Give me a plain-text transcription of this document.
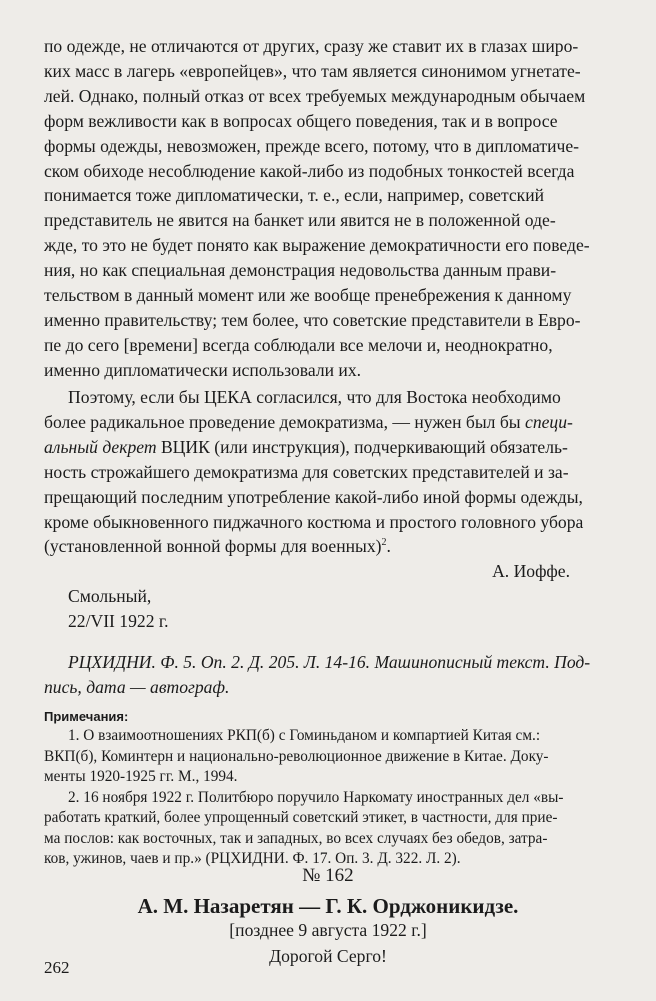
по одежде, не отличаются от других, сразу же ставит их в глазах широ-
ких масс в лагерь «европейцев», что там является синонимом угнетате-
лей. Однако, полный отказ от всех требуемых международным обычаем
форм вежливости как в вопросах общего поведения, так и в вопросе
формы одежды, невозможен, прежде всего, потому, что в дипломатиче-
ском обиходе несоблюдение какой-либо из подобных тонкостей всегда
понимается тоже дипломатически, т. е., если, например, советский
представитель не явится на банкет или явится не в положенной оде-
жде, то это не будет понято как выражение демократичности его поведе-
ния, но как специальная демонстрация недовольства данным прави-
тельством в данный момент или же вообще пренебрежения к данному
именно правительству; тем более, что советские представители в Евро-
пе до сего [времени] всегда соблюдали все мелочи и, неоднократно,
именно дипломатически использовали их.
Поэтому, если бы ЦЕКА согласился, что для Востока необходимо
более радикальное проведение демократизма, — нужен был бы специ-
альный декрет ВЦИК (или инструкция), подчеркивающий обязатель-
ность строжайшего демократизма для советских представителей и за-
прещающий последним употребление какой-либо иной формы одежды,
кроме обыкновенного пиджачного костюма и простого головного убора
(установленной вонной формы для военных)$^2$.
А. Иоффе.
Смольный,
22/VII 1922 г.
РЦХИДНИ. Ф. 5. Оп. 2. Д. 205. Л. 14-16. Машинописный текст. Под-
пись, дата — автограф.
Примечания:
1. О взаимоотношениях РКП(б) с Гоминьданом и компартией Китая см.:
ВКП(б), Коминтерн и национально-революционное движение в Китае. Доку-
менты 1920-1925 гг. М., 1994.
2. 16 ноября 1922 г. Политбюро поручило Наркомату иностранных дел «вы-
работать краткий, более упрощенный советский этикет, в частности, для прие-
ма послов: как восточных, так и западных, во всех случаях без обедов, затра-
ков, ужинов, чаев и пр.» (РЦХИДНИ. Ф. 17. Оп. 3. Д. 322. Л. 2).
№ 162
А. М. Назаретян — Г. К. Орджоникидзе.
[позднее 9 августа 1922 г.]
Дорогой Серго!
262
